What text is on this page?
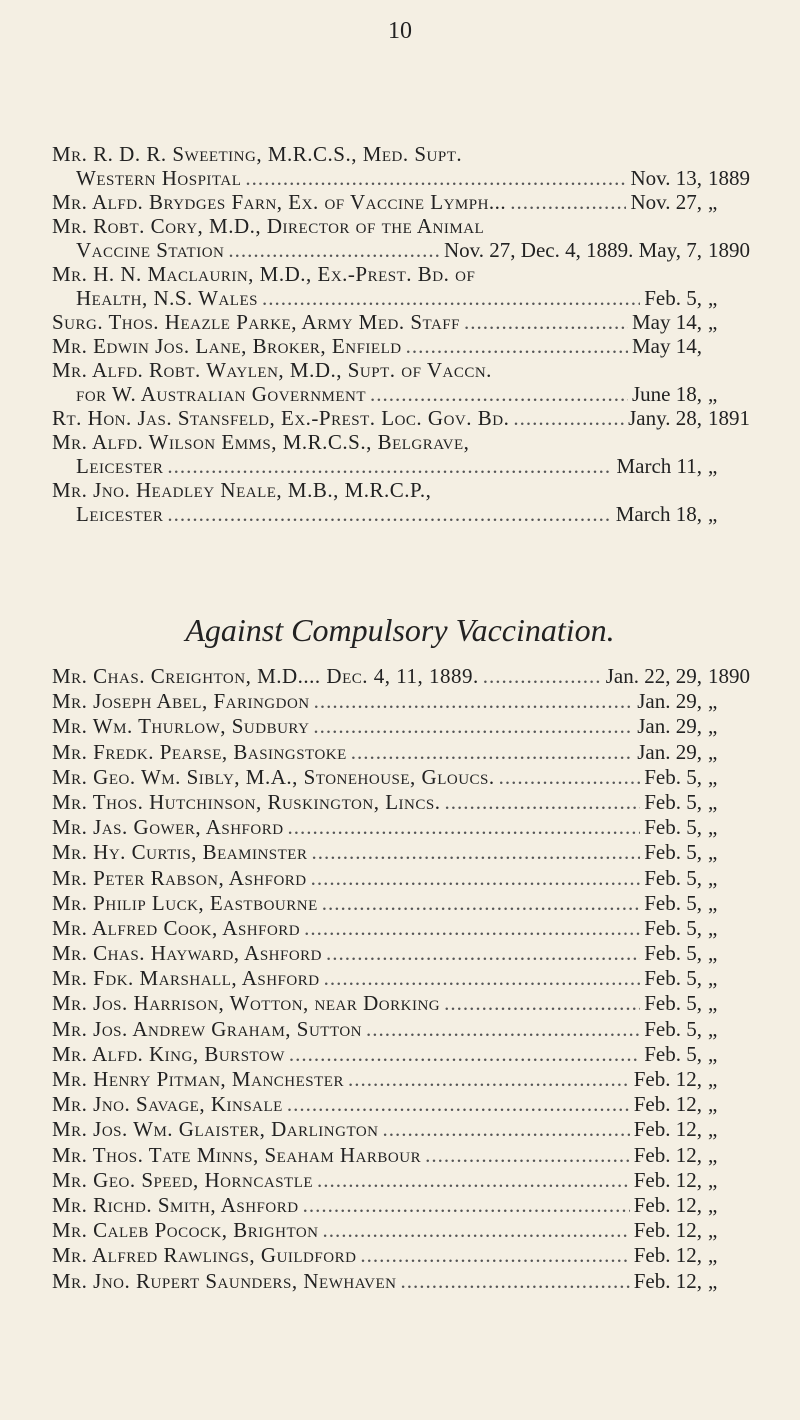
10
Mr. R. D. R. Sweeting, M.R.C.S., Med. Supt.
Western Hospital .....	Nov. 13, 1889
Mr. Alfd. Brydges Farn, Ex. of Vaccine Lymph... .....	Nov. 27, „
Mr. Robt. Cory, M.D., Director of the Animal
Vaccine Station .....	Nov. 27, Dec. 4, 1889. May, 7, 1890
Mr. H. N. Maclaurin, M.D., Ex.-Prest. Bd. of
Health, N.S. Wales .....	Feb. 5, „
Surg. Thos. Heazle Parke, Army Med. Staff .....	May 14, „
Mr. Edwin Jos. Lane, Broker, Enfield .....	May 14,
Mr. Alfd. Robt. Waylen, M.D., Supt. of Vaccn.
for W. Australian Government .....	June 18, „
Rt. Hon. Jas. Stansfeld, Ex.-Prest. Loc. Gov. Bd. .....	Jany. 28, 1891
Mr. Alfd. Wilson Emms, M.R.C.S., Belgrave,
Leicester .....	March 11, „
Mr. Jno. Headley Neale, M.B., M.R.C.P.,
Leicester .....	March 18, „
Against Compulsory Vaccination.
Mr. Chas. Creighton, M.D.... Dec. 4, 11, 1889. .....	Jan. 22, 29, 1890
Mr. Joseph Abel, Faringdon .....	Jan. 29, „
Mr. Wm. Thurlow, Sudbury .....	Jan. 29, „
Mr. Fredk. Pearse, Basingstoke .....	Jan. 29, „
Mr. Geo. Wm. Sibly, M.A., Stonehouse, Gloucs. .....	Feb. 5, „
Mr. Thos. Hutchinson, Ruskington, Lincs. .....	Feb. 5, „
Mr. Jas. Gower, Ashford .....	Feb. 5, „
Mr. Hy. Curtis, Beaminster .....	Feb. 5, „
Mr. Peter Rabson, Ashford .....	Feb. 5, „
Mr. Philip Luck, Eastbourne .....	Feb. 5, „
Mr. Alfred Cook, Ashford .....	Feb. 5, „
Mr. Chas. Hayward, Ashford .....	Feb. 5, „
Mr. Fdk. Marshall, Ashford .....	Feb. 5, „
Mr. Jos. Harrison, Wotton, near Dorking .....	Feb. 5, „
Mr. Jos. Andrew Graham, Sutton .....	Feb. 5, „
Mr. Alfd. King, Burstow .....	Feb. 5, „
Mr. Henry Pitman, Manchester .....	Feb. 12, „
Mr. Jno. Savage, Kinsale .....	Feb. 12, „
Mr. Jos. Wm. Glaister, Darlington .....	Feb. 12, „
Mr. Thos. Tate Minns, Seaham Harbour .....	Feb. 12, „
Mr. Geo. Speed, Horncastle .....	Feb. 12, „
Mr. Richd. Smith, Ashford .....	Feb. 12, „
Mr. Caleb Pocock, Brighton .....	Feb. 12, „
Mr. Alfred Rawlings, Guildford .....	Feb. 12, „
Mr. Jno. Rupert Saunders, Newhaven .....	Feb. 12, „
